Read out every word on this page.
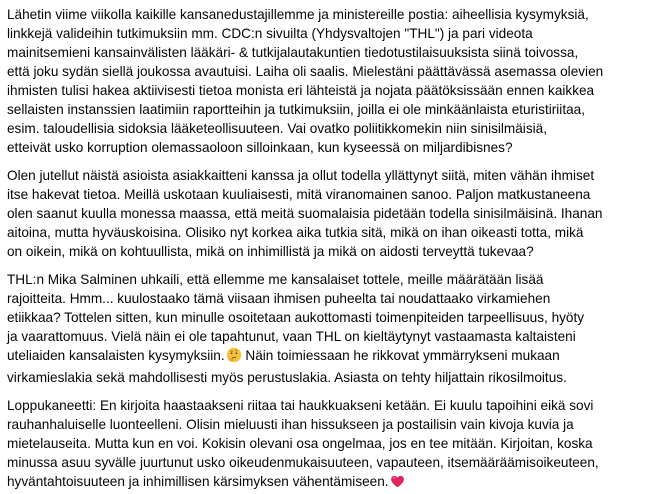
Lähetin viime viikolla kaikille kansanedustajillemme ja ministereille postia: aiheellisia kysymyksiä,
linkkejä valideihin tutkimuksiin mm. CDC:n sivuilta (Yhdysvaltojen "THL") ja pari videota
mainitsemieni kansainvälisten lääkäri- & tutkijalautakuntien tiedotustilaisuuksista siinä toivossa,
että joku sydän siellä joukossa avautuisi. Laiha oli saalis. Mielestäni päättävässä asemassa olevien
ihmisten tulisi hakea aktiivisesti tietoa monista eri lähteistä ja nojata päätöksissään ennen kaikkea
sellaisten instanssien laatimiin raportteihin ja tutkimuksiin, joilla ei ole minkäänlaista eturistiriitaa,
esim. taloudellisia sidoksia lääketeollisuuteen. Vai ovatko poliitikkomekin niin sinisilmäisiä,
etteivät usko korruption olemassaoloon silloinkaan, kun kyseessä on miljardibisnes?
Olen jutellut näistä asioista asiakkaitteni kanssa ja ollut todella yllättynyt siitä, miten vähän ihmiset
itse hakevat tietoa. Meillä uskotaan kuuliaisesti, mitä viranomainen sanoo. Paljon matkustaneena
olen saanut kuulla monessa maassa, että meitä suomalaisia pidetään todella sinisilmäisinä. Ihanan
aitoina, mutta hyväuskoisina. Olisiko nyt korkea aika tutkia sitä, mikä on ihan oikeasti totta, mikä
on oikein, mikä on kohtuullista, mikä on inhimillistä ja mikä on aidosti terveyttä tukevaa?
THL:n Mika Salminen uhkaili, että ellemme me kansalaiset tottele, meille määrätään lisää
rajoitteita. Hmm... kuulostaako tämä viisaan ihmisen puheelta tai noudattaako virkamiehen
etiikkaa? Tottelen sitten, kun minulle osoitetaan aukottomasti toimenpiteiden tarpeellisuus, hyöty
ja vaarattomuus. Vielä näin ei ole tapahtunut, vaan THL on kieltäytynyt vastaamasta kaltaisteni
uteliaiden kansalaisten kysymyksiin. Näin toimiessaan he rikkovat ymmärrykseni mukaan
virkamieslakia sekä mahdollisesti myös perustuslakia. Asiasta on tehty hiljattain rikosilmoitus.
Loppukaneetti: En kirjoita haastaakseni riitaa tai haukkuakseni ketään. Ei kuulu tapoihini eikä sovi
rauhanhaluiselle luonteelleni. Olisin mieluusti ihan hissukseen ja postailisin vain kivoja kuvia ja
mietelauseita. Mutta kun en voi. Kokisin olevani osa ongelmaa, jos en tee mitään. Kirjoitan, koska
minussa asuu syvälle juurtunut usko oikeudenmukaisuuteen, vapauteen, itsemääräämisoikeuteen,
hyväntahtoisuuteen ja inhimillisen kärsimyksen vähentämiseen.
